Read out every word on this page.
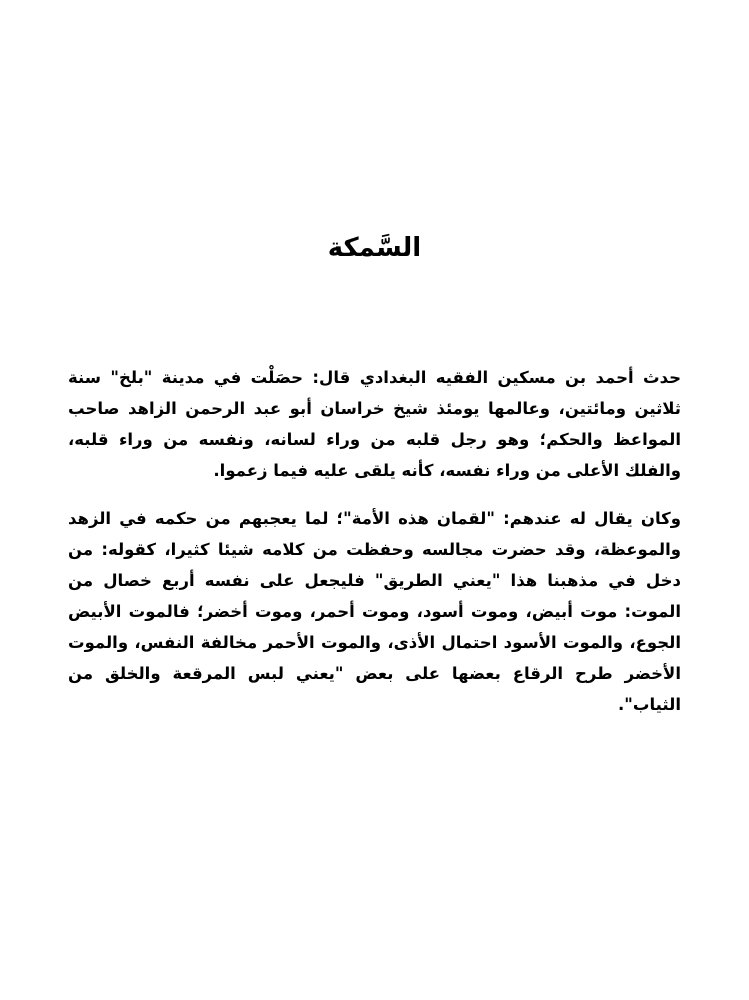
السَّمكة

حدث أحمد بن مسكين الفقيه البغدادي قال: حصَلْت في مدينة "بلخ" سنة ثلاثين ومائتين، وعالمها يومئذ شيخ خراسان أبو عبد الرحمن الزاهد صاحب المواعظ والحكم؛ وهو رجل قلبه من وراء لسانه، ونفسه من وراء قلبه، والفلك الأعلى من وراء نفسه، كأنه يلقى عليه فيما زعموا.

وكان يقال له عندهم: "لقمان هذه الأمة"؛ لما يعجبهم من حكمه في الزهد والموعظة، وقد حضرت مجالسه وحفظت من كلامه شيئا كثيرا، كقوله: من دخل في مذهبنا هذا "يعني الطريق" فليجعل على نفسه أربع خصال من الموت: موت أبيض، وموت أسود، وموت أحمر، وموت أخضر؛ فالموت الأبيض الجوع، والموت الأسود احتمال الأذى، والموت الأحمر مخالفة النفس، والموت الأخضر طرح الرقاع بعضها على بعض "يعني لبس المرقعة والخلق من الثياب".
